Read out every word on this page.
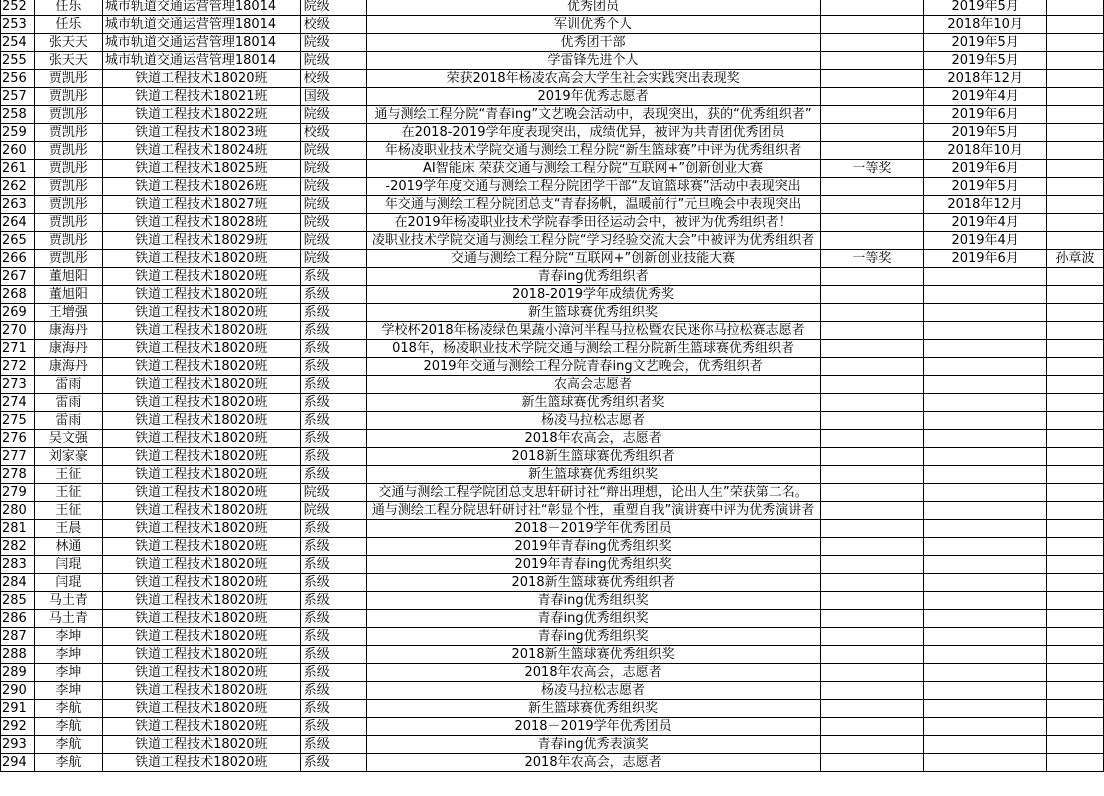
252	任乐	城市轨道交通运营管理18014	院级	优秀团员		2019年5月	
253	任乐	城市轨道交通运营管理18014	校级	军训优秀个人		2018年10月	
254	张天天	城市轨道交通运营管理18014	院级	优秀团干部		2019年5月	
255	张天天	城市轨道交通运营管理18014	院级	学雷锋先进个人		2019年5月	
256	贾凯彤	铁道工程技术18020班	校级	荣获2018年杨凌农高会大学生社会实践突出表现奖		2018年12月	
257	贾凯彤	铁道工程技术18021班	国级	2019年优秀志愿者		2019年4月	
258	贾凯彤	铁道工程技术18022班	院级	通与测绘工程分院“青春ing”文艺晚会活动中，表现突出，获的“优秀组织者”		2019年6月	
259	贾凯彤	铁道工程技术18023班	校级	在2018-2019学年度表现突出，成绩优异，被评为共青团优秀团员		2019年5月	
260	贾凯彤	铁道工程技术18024班	院级	年杨凌职业技术学院交通与测绘工程分院“新生篮球赛”中评为优秀组织者		2018年10月	
261	贾凯彤	铁道工程技术18025班	院级	AI智能床 荣获交通与测绘工程分院“互联网+”创新创业大赛	一等奖	2019年6月	
262	贾凯彤	铁道工程技术18026班	院级	-2019学年度交通与测绘工程分院团学干部“友谊篮球赛”活动中表现突出		2019年5月	
263	贾凯彤	铁道工程技术18027班	院级	年交通与测绘工程分院团总支“青春扬帆，温暖前行”元旦晚会中表现突出		2018年12月	
264	贾凯彤	铁道工程技术18028班	院级	在2019年杨凌职业技术学院春季田径运动会中，被评为优秀组织者！		2019年4月	
265	贾凯彤	铁道工程技术18029班	院级	凌职业技术学院交通与测绘工程分院“学习经验交流大会”中被评为优秀组织者		2019年4月	
266	贾凯彤	铁道工程技术18020班	院级	交通与测绘工程分院“互联网+”创新创业技能大赛	一等奖	2019年6月	孙章波
267	董旭阳	铁道工程技术18020班	系级	青春ing优秀组织者			
268	董旭阳	铁道工程技术18020班	系级	2018-2019学年成绩优秀奖			
269	王增强	铁道工程技术18020班	系级	新生篮球赛优秀组织奖			
270	康海丹	铁道工程技术18020班	系级	学校杯2018年杨凌绿色果蔬小漳河半程马拉松暨农民迷你马拉松赛志愿者			
271	康海丹	铁道工程技术18020班	系级	018年，杨凌职业技术学院交通与测绘工程分院新生篮球赛优秀组织者			
272	康海丹	铁道工程技术18020班	系级	2019年交通与测绘工程分院青春ing文艺晚会，优秀组织者			
273	雷雨	铁道工程技术18020班	系级	农高会志愿者			
274	雷雨	铁道工程技术18020班	系级	新生篮球赛优秀组织者奖			
275	雷雨	铁道工程技术18020班	系级	杨凌马拉松志愿者			
276	吴文强	铁道工程技术18020班	系级	2018年农高会，志愿者			
277	刘家豪	铁道工程技术18020班	系级	2018新生篮球赛优秀组织者			
278	王征	铁道工程技术18020班	系级	新生篮球赛优秀组织奖			
279	王征	铁道工程技术18020班	院级	交通与测绘工程学院团总支思轩研讨社“辩出理想，论出人生”荣获第二名。			
280	王征	铁道工程技术18020班	院级	通与测绘工程分院思轩研讨社“彰显个性，重塑自我”演讲赛中评为优秀演讲者			
281	王晨	铁道工程技术18020班	系级	2018－2019学年优秀团员			
282	林通	铁道工程技术18020班	系级	2019年青春ing优秀组织奖			
283	闫琨	铁道工程技术18020班	系级	2019年青春ing优秀组织奖			
284	闫琨	铁道工程技术18020班	系级	2018新生篮球赛优秀组织者			
285	马土青	铁道工程技术18020班	系级	青春ing优秀组织奖			
286	马土青	铁道工程技术18020班	系级	青春ing优秀组织奖			
287	李坤	铁道工程技术18020班	系级	青春ing优秀组织奖			
288	李坤	铁道工程技术18020班	系级	2018新生篮球赛优秀组织奖			
289	李坤	铁道工程技术18020班	系级	2018年农高会，志愿者			
290	李坤	铁道工程技术18020班	系级	杨凌马拉松志愿者			
291	李航	铁道工程技术18020班	系级	新生篮球赛优秀组织奖			
292	李航	铁道工程技术18020班	系级	2018－2019学年优秀团员			
293	李航	铁道工程技术18020班	系级	青春ing优秀表演奖			
294	李航	铁道工程技术18020班	系级	2018年农高会，志愿者			
